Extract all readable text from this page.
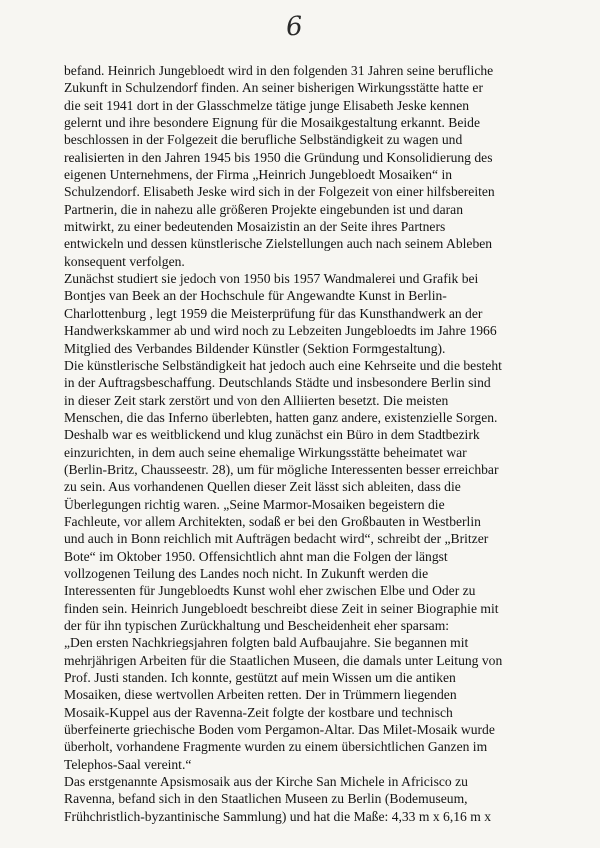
6
befand. Heinrich Jungebloedt wird in den folgenden 31 Jahren seine berufliche
Zukunft in Schulzendorf finden. An seiner bisherigen Wirkungsstätte hatte er
die seit 1941 dort in der Glasschmelze tätige junge Elisabeth Jeske kennen
gelernt und ihre besondere Eignung für die Mosaikgestaltung erkannt. Beide
beschlossen in der Folgezeit die berufliche Selbständigkeit zu wagen und
realisierten in den Jahren 1945 bis 1950 die Gründung und Konsolidierung des
eigenen Unternehmens, der Firma „Heinrich Jungebloedt Mosaiken“ in
Schulzendorf. Elisabeth Jeske wird sich in der Folgezeit von einer hilfsbereiten
Partnerin, die in nahezu alle größeren Projekte eingebunden ist und daran
mitwirkt, zu einer bedeutenden Mosaizistin an der Seite ihres Partners
entwickeln und dessen künstlerische Zielstellungen auch nach seinem Ableben
konsequent verfolgen.
Zunächst studiert sie jedoch von 1950 bis 1957 Wandmalerei und Grafik bei
Bontjes van Beek an der Hochschule für Angewandte Kunst in Berlin-
Charlottenburg , legt 1959 die Meisterprüfung für das Kunsthandwerk an der
Handwerkskammer ab und wird noch zu Lebzeiten Jungebloedts im Jahre 1966
Mitglied des Verbandes Bildender Künstler (Sektion Formgestaltung).
Die künstlerische Selbständigkeit hat jedoch auch eine Kehrseite und die besteht
in der Auftragsbeschaffung. Deutschlands Städte und insbesondere Berlin sind
in dieser Zeit stark zerstört und von den Alliierten besetzt. Die meisten
Menschen, die das Inferno überlebten, hatten ganz andere, existenzielle Sorgen.
Deshalb war es weitblickend und klug zunächst ein Büro in dem Stadtbezirk
einzurichten, in dem auch seine ehemalige Wirkungsstätte beheimatet war
(Berlin-Britz, Chausseestr. 28), um für mögliche Interessenten besser erreichbar
zu sein. Aus vorhandenen Quellen dieser Zeit lässt sich ableiten, dass die
Überlegungen richtig waren. „Seine Marmor-Mosaiken begeistern die
Fachleute, vor allem Architekten, sodaß er bei den Großbauten in Westberlin
und auch in Bonn reichlich mit Aufträgen bedacht wird“, schreibt der „Britzer
Bote“ im Oktober 1950. Offensichtlich ahnt man die Folgen der längst
vollzogenen Teilung des Landes noch nicht. In Zukunft werden die
Interessenten für Jungebloedts Kunst wohl eher zwischen Elbe und Oder zu
finden sein. Heinrich Jungebloedt beschreibt diese Zeit in seiner Biographie mit
der für ihn typischen Zurückhaltung und Bescheidenheit eher sparsam:
„Den ersten Nachkriegsjahren folgten bald Aufbaujahre. Sie begannen mit
mehrjährigen Arbeiten für die Staatlichen Museen, die damals unter Leitung von
Prof. Justi standen. Ich konnte, gestützt auf mein Wissen um die antiken
Mosaiken, diese wertvollen Arbeiten retten. Der in Trümmern liegenden
Mosaik-Kuppel aus der Ravenna-Zeit folgte der kostbare und technisch
überfeinerte griechische Boden vom Pergamon-Altar. Das Milet-Mosaik wurde
überholt, vorhandene Fragmente wurden zu einem übersichtlichen Ganzen im
Telephos-Saal vereint.“
Das erstgenannte Apsismosaik aus der Kirche San Michele in Africisco zu
Ravenna, befand sich in den Staatlichen Museen zu Berlin (Bodemuseum,
Frühchristlich-byzantinische Sammlung) und hat die Maße: 4,33 m x 6,16 m x
